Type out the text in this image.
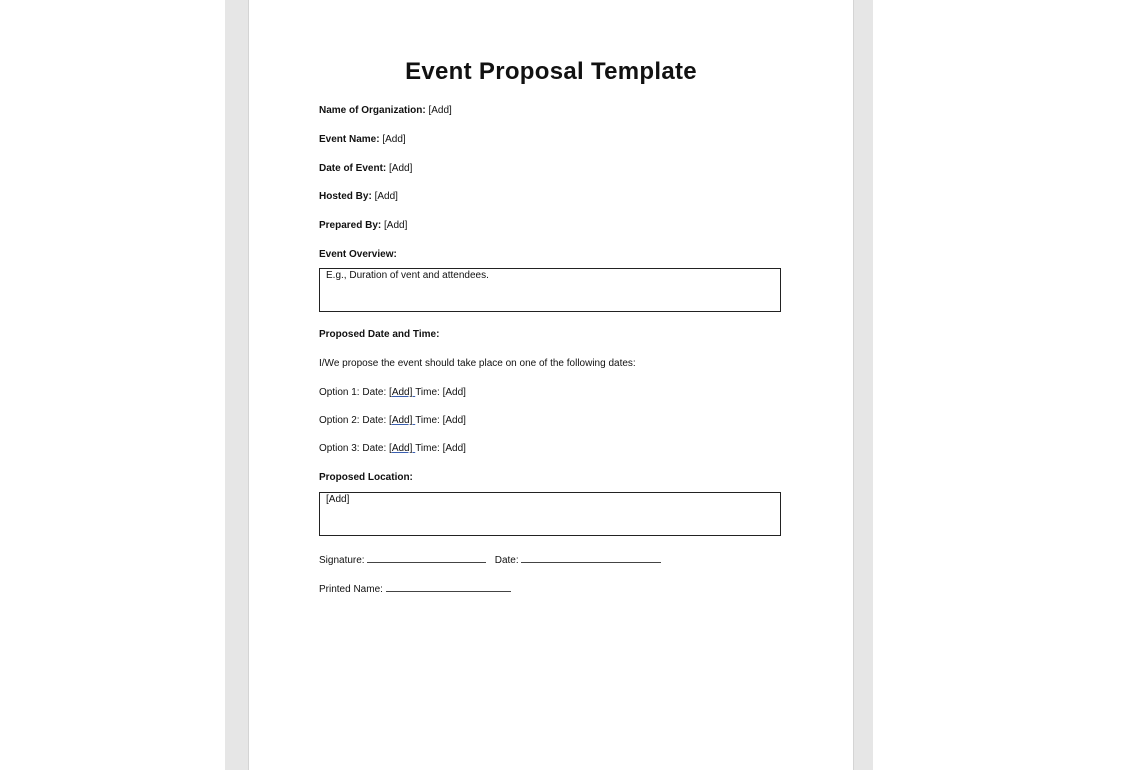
Event Proposal Template
Name of Organization: [Add]
Event Name: [Add]
Date of Event: [Add]
Hosted By: [Add]
Prepared By: [Add]
Event Overview:
E.g., Duration of vent and attendees.
Proposed Date and Time:
I/We propose the event should take place on one of the following dates:
Option 1: Date: [Add] Time: [Add]
Option 2: Date: [Add] Time: [Add]
Option 3: Date: [Add] Time: [Add]
Proposed Location:
[Add]
Signature:	Date:
Printed Name:
